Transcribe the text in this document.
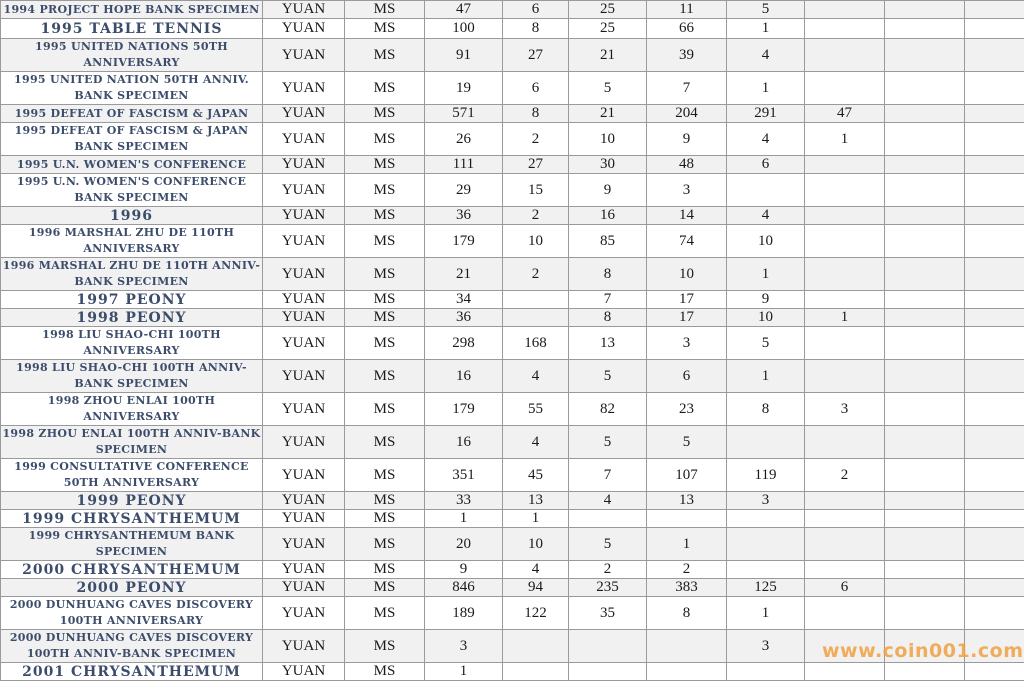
1994 PROJECT HOPE BANK SPECIMEN	YUAN	MS	47	6	25	11	5			
1995 TABLE TENNIS	YUAN	MS	100	8	25	66	1			
1995 UNITED NATIONS 50TH ANNIVERSARY	YUAN	MS	91	27	21	39	4			
1995 UNITED NATION 50TH ANNIV. BANK SPECIMEN	YUAN	MS	19	6	5	7	1			
1995 DEFEAT OF FASCISM & JAPAN	YUAN	MS	571	8	21	204	291	47		
1995 DEFEAT OF FASCISM & JAPAN BANK SPECIMEN	YUAN	MS	26	2	10	9	4	1		
1995 U.N. WOMEN'S CONFERENCE	YUAN	MS	111	27	30	48	6			
1995 U.N. WOMEN'S CONFERENCE BANK SPECIMEN	YUAN	MS	29	15	9	3				
1996	YUAN	MS	36	2	16	14	4			
1996 MARSHAL ZHU DE 110TH ANNIVERSARY	YUAN	MS	179	10	85	74	10			
1996 MARSHAL ZHU DE 110TH ANNIV-BANK SPECIMEN	YUAN	MS	21	2	8	10	1			
1997 PEONY	YUAN	MS	34		7	17	9			
1998 PEONY	YUAN	MS	36		8	17	10	1		
1998 LIU SHAO-CHI 100TH ANNIVERSARY	YUAN	MS	298	168	13	3	5			
1998 LIU SHAO-CHI 100TH ANNIV-BANK SPECIMEN	YUAN	MS	16	4	5	6	1			
1998 ZHOU ENLAI 100TH ANNIVERSARY	YUAN	MS	179	55	82	23	8	3		
1998 ZHOU ENLAI 100TH ANNIV-BANK SPECIMEN	YUAN	MS	16	4	5	5				
1999 CONSULTATIVE CONFERENCE 50TH ANNIVERSARY	YUAN	MS	351	45	7	107	119	2		
1999 PEONY	YUAN	MS	33	13	4	13	3			
1999 CHRYSANTHEMUM	YUAN	MS	1	1						
1999 CHRYSANTHEMUM BANK SPECIMEN	YUAN	MS	20	10	5	1				
2000 CHRYSANTHEMUM	YUAN	MS	9	4	2	2				
2000 PEONY	YUAN	MS	846	94	235	383	125	6		
2000 DUNHUANG CAVES DISCOVERY 100TH ANNIVERSARY	YUAN	MS	189	122	35	8	1			
2000 DUNHUANG CAVES DISCOVERY 100TH ANNIV-BANK SPECIMEN	YUAN	MS	3				3			
2001 CHRYSANTHEMUM	YUAN	MS	1							
www.coin001.com
